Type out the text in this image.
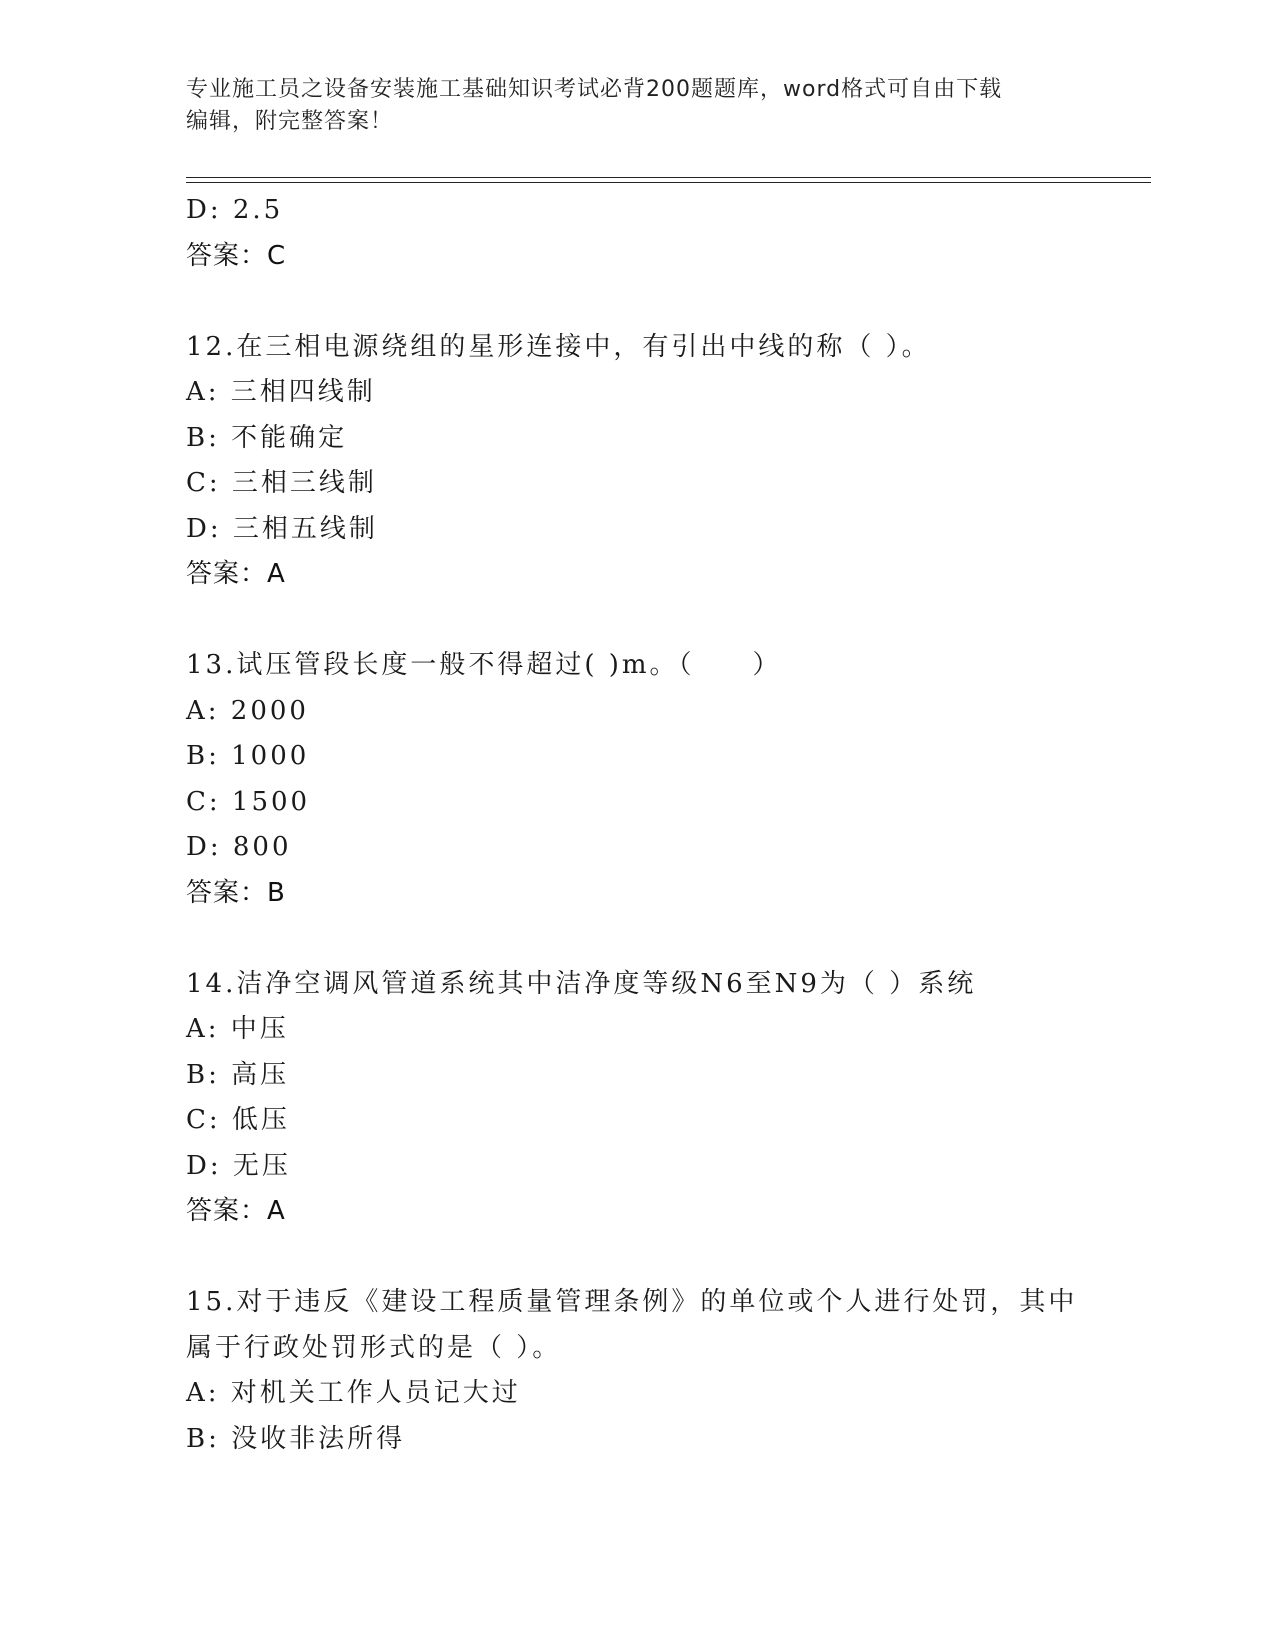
专业施工员之设备安装施工基础知识考试必背200题题库，word格式可自由下载
编辑，附完整答案！
D: 2.5
答案：C
12.在三相电源绕组的星形连接中，有引出中线的称（ ）。
A: 三相四线制
B: 不能确定
C: 三相三线制
D: 三相五线制
答案：A
13.试压管段长度一般不得超过( )m。（　　）
A: 2000
B: 1000
C: 1500
D: 800
答案：B
14.洁净空调风管道系统其中洁净度等级N6至N9为（ ）系统
A: 中压
B: 高压
C: 低压
D: 无压
答案：A
15.对于违反《建设工程质量管理条例》的单位或个人进行处罚，其中
属于行政处罚形式的是（ ）。
A: 对机关工作人员记大过
B: 没收非法所得
